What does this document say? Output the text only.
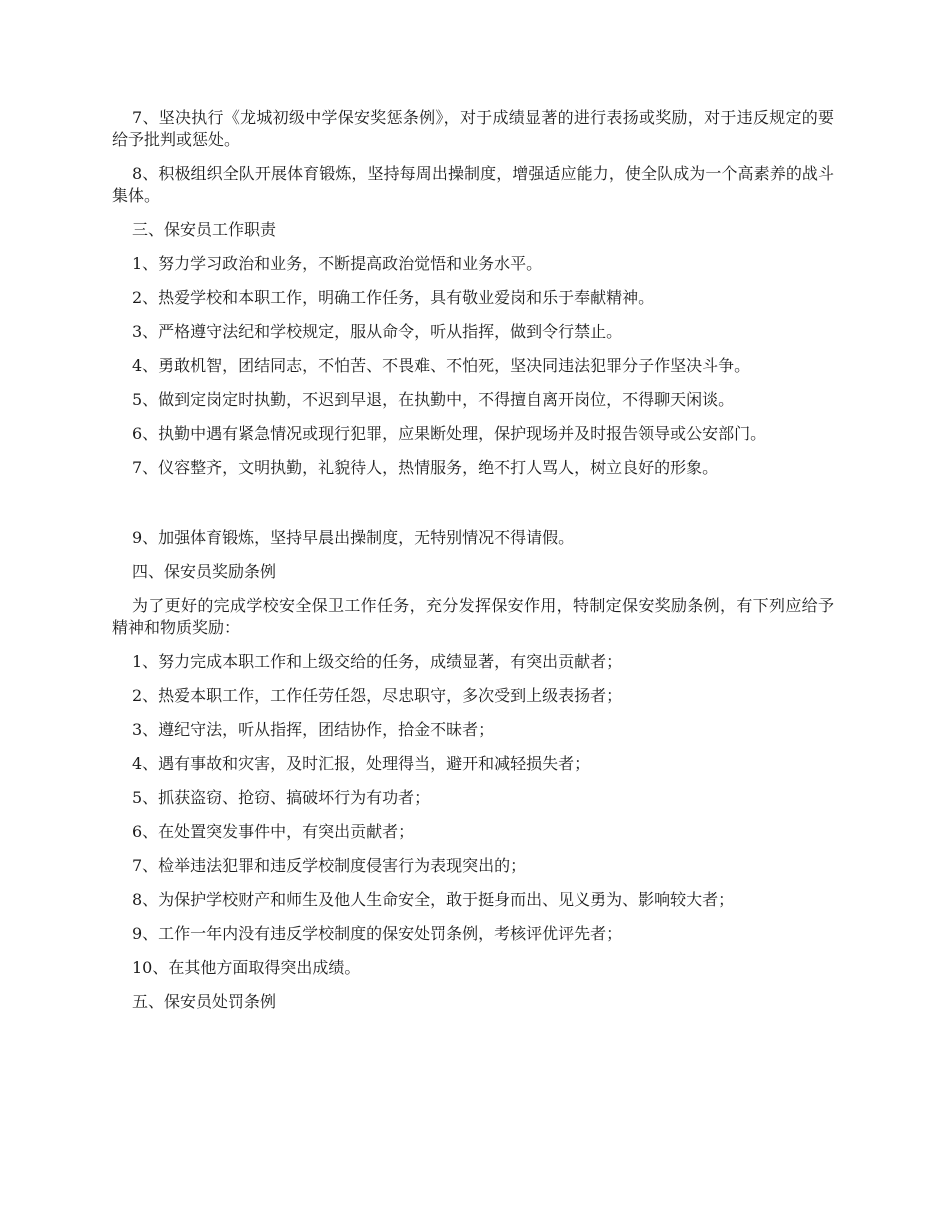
7、坚决执行《龙城初级中学保安奖惩条例》，对于成绩显著的进行表扬或奖励，对于违反规定的要给予批判或惩处。

8、积极组织全队开展体育锻炼，坚持每周出操制度，增强适应能力，使全队成为一个高素养的战斗集体。

三、保安员工作职责

1、努力学习政治和业务，不断提高政治觉悟和业务水平。

2、热爱学校和本职工作，明确工作任务，具有敬业爱岗和乐于奉献精神。

3、严格遵守法纪和学校规定，服从命令，听从指挥，做到令行禁止。

4、勇敢机智，团结同志，不怕苦、不畏难、不怕死，坚决同违法犯罪分子作坚决斗争。

5、做到定岗定时执勤，不迟到早退，在执勤中，不得擅自离开岗位，不得聊天闲谈。

6、执勤中遇有紧急情况或现行犯罪，应果断处理，保护现场并及时报告领导或公安部门。

7、仪容整齐，文明执勤，礼貌待人，热情服务，绝不打人骂人，树立良好的形象。

9、加强体育锻炼，坚持早晨出操制度，无特别情况不得请假。

四、保安员奖励条例

为了更好的完成学校安全保卫工作任务，充分发挥保安作用，特制定保安奖励条例，有下列应给予精神和物质奖励：

1、努力完成本职工作和上级交给的任务，成绩显著，有突出贡献者；

2、热爱本职工作，工作任劳任怨，尽忠职守，多次受到上级表扬者；

3、遵纪守法，听从指挥，团结协作，拾金不昧者；

4、遇有事故和灾害，及时汇报，处理得当，避开和减轻损失者；

5、抓获盗窃、抢窃、搞破坏行为有功者；

6、在处置突发事件中，有突出贡献者；

7、检举违法犯罪和违反学校制度侵害行为表现突出的；

8、为保护学校财产和师生及他人生命安全，敢于挺身而出、见义勇为、影响较大者；

9、工作一年内没有违反学校制度的保安处罚条例，考核评优评先者；

10、在其他方面取得突出成绩。

五、保安员处罚条例
